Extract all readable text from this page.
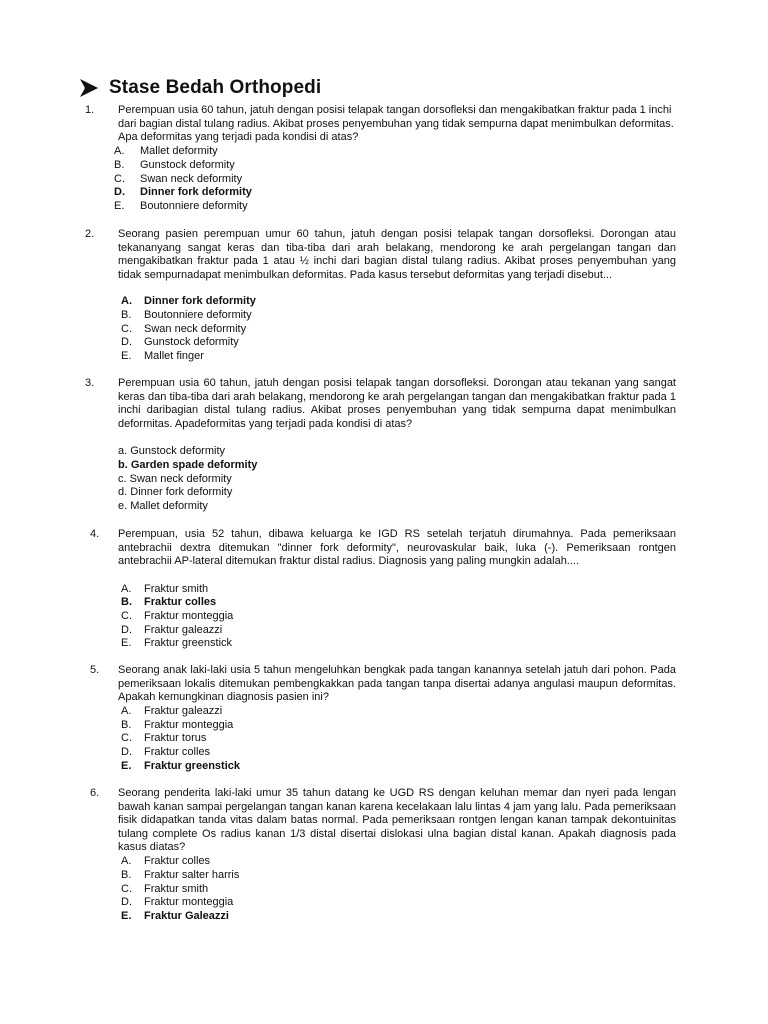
Stase Bedah Orthopedi
1. Perempuan usia 60 tahun, jatuh dengan posisi telapak tangan dorsofleksi dan mengakibatkan fraktur pada 1 inchi dari bagian distal tulang radius. Akibat proses penyembuhan yang tidak sempurna dapat menimbulkan deformitas. Apa deformitas yang terjadi pada kondisi di atas?
A. Mallet deformity
B. Gunstock deformity
C. Swan neck deformity
D. Dinner fork deformity
E. Boutonniere deformity
2. Seorang pasien perempuan umur 60 tahun, jatuh dengan posisi telapak tangan dorsofleksi. Dorongan atau tekananyang sangat keras dan tiba-tiba dari arah belakang, mendorong ke arah pergelangan tangan dan mengakibatkan fraktur pada 1 atau ½ inchi dari bagian distal tulang radius. Akibat proses penyembuhan yang tidak sempurnadapat menimbulkan deformitas. Pada kasus tersebut deformitas yang terjadi disebut...
A. Dinner fork deformity
B. Boutonniere deformity
C. Swan neck deformity
D. Gunstock deformity
E. Mallet finger
3. Perempuan usia 60 tahun, jatuh dengan posisi telapak tangan dorsofleksi. Dorongan atau tekanan yang sangat keras dan tiba-tiba dari arah belakang, mendorong ke arah pergelangan tangan dan mengakibatkan fraktur pada 1 inchi daribagian distal tulang radius. Akibat proses penyembuhan yang tidak sempurna dapat menimbulkan deformitas. Apadeformitas yang terjadi pada kondisi di atas?
a. Gunstock deformity
b. Garden spade deformity
c. Swan neck deformity
d. Dinner fork deformity
e. Mallet deformity
4. Perempuan, usia 52 tahun, dibawa keluarga ke IGD RS setelah terjatuh dirumahnya. Pada pemeriksaan antebrachii dextra ditemukan "dinner fork deformity", neurovaskular baik, luka (-). Pemeriksaan rontgen antebrachii AP-lateral ditemukan fraktur distal radius. Diagnosis yang paling mungkin adalah....
A. Fraktur smith
B. Fraktur colles
C. Fraktur monteggia
D. Fraktur galeazzi
E. Fraktur greenstick
5. Seorang anak laki-laki usia 5 tahun mengeluhkan bengkak pada tangan kanannya setelah jatuh dari pohon. Pada pemeriksaan lokalis ditemukan pembengkakkan pada tangan tanpa disertai adanya angulasi maupun deformitas. Apakah kemungkinan diagnosis pasien ini?
A. Fraktur galeazzi
B. Fraktur monteggia
C. Fraktur torus
D. Fraktur colles
E. Fraktur greenstick
6. Seorang penderita laki-laki umur 35 tahun datang ke UGD RS dengan keluhan memar dan nyeri pada lengan bawah kanan sampai pergelangan tangan kanan karena kecelakaan lalu lintas 4 jam yang lalu. Pada pemeriksaan fisik didapatkan tanda vitas dalam batas normal. Pada pemeriksaan rontgen lengan kanan tampak dekontuinitas tulang complete Os radius kanan 1/3 distal disertai dislokasi ulna bagian distal kanan. Apakah diagnosis pada kasus diatas?
A. Fraktur colles
B. Fraktur salter harris
C. Fraktur smith
D. Fraktur monteggia
E. Fraktur Galeazzi
